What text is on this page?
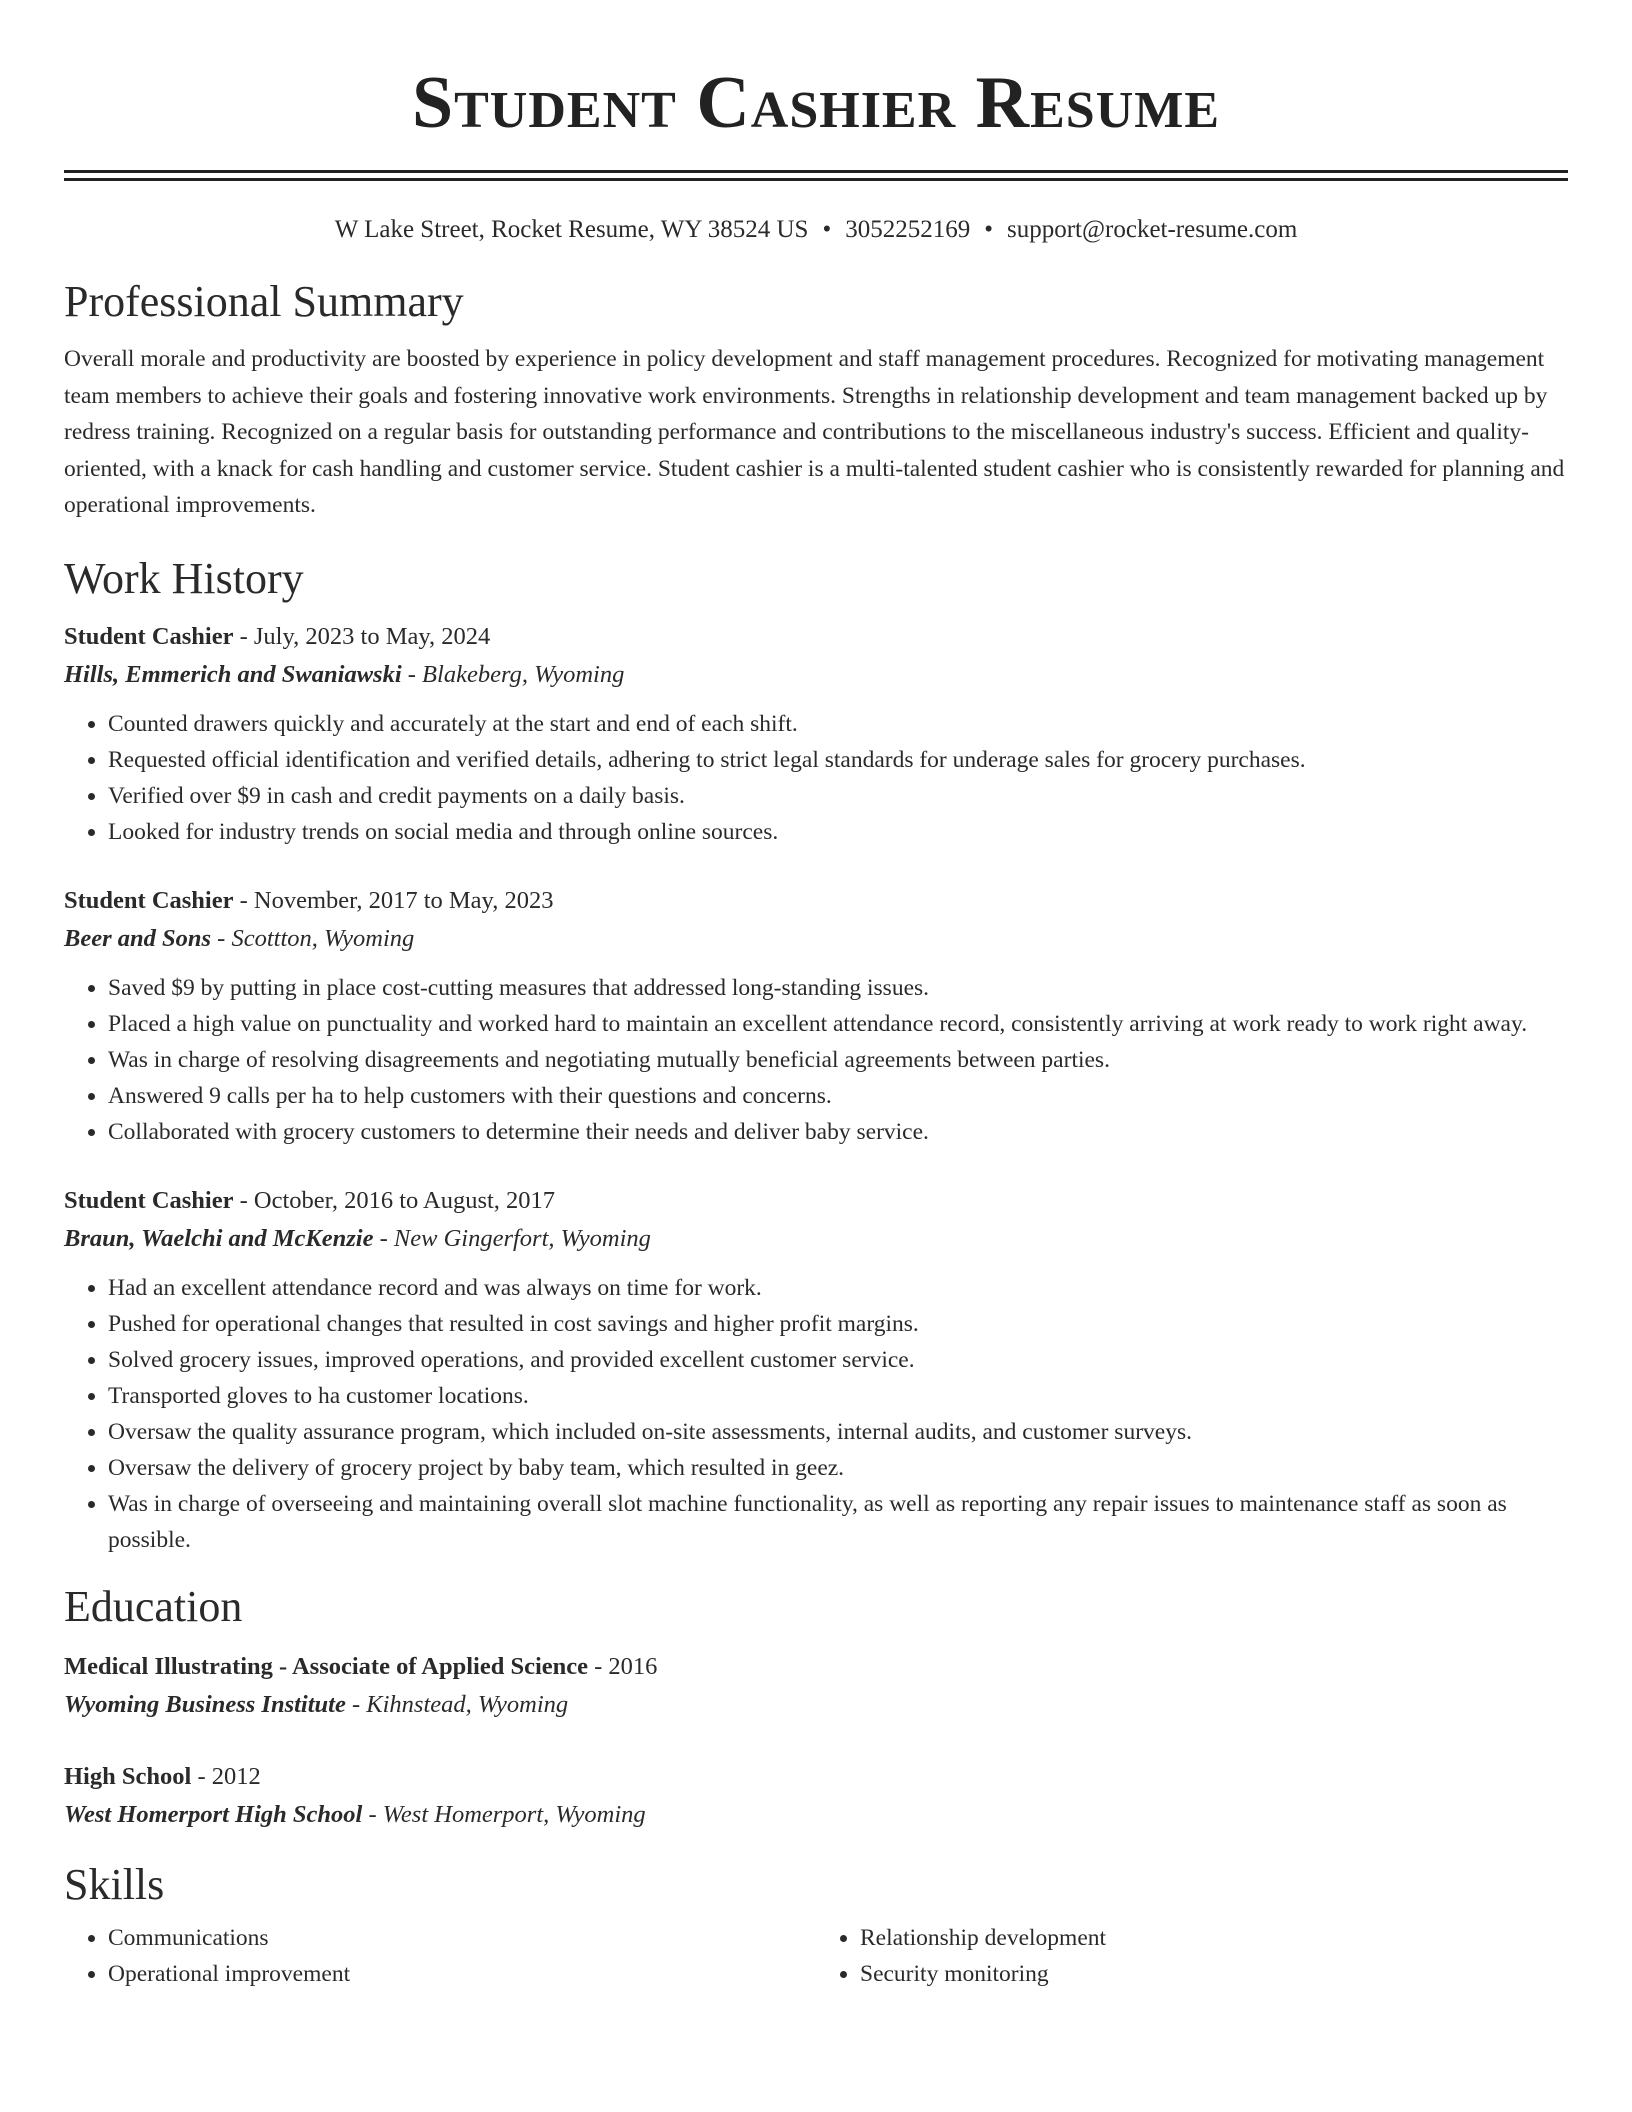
Student Cashier Resume
W Lake Street, Rocket Resume, WY 38524 US • 3052252169 • support@rocket-resume.com
Professional Summary

Overall morale and productivity are boosted by experience in policy development and staff management procedures. Recognized for motivating management team members to achieve their goals and fostering innovative work environments. Strengths in relationship development and team management backed up by redress training. Recognized on a regular basis for outstanding performance and contributions to the miscellaneous industry's success. Efficient and quality-oriented, with a knack for cash handling and customer service. Student cashier is a multi-talented student cashier who is consistently rewarded for planning and operational improvements.

Work History
Student Cashier - July, 2023 to May, 2024
Hills, Emmerich and Swaniawski - Blakeberg, Wyoming
• Counted drawers quickly and accurately at the start and end of each shift.
• Requested official identification and verified details, adhering to strict legal standards for underage sales for grocery purchases.
• Verified over $9 in cash and credit payments on a daily basis.
• Looked for industry trends on social media and through online sources.
Student Cashier - November, 2017 to May, 2023
Beer and Sons - Scottton, Wyoming
• Saved $9 by putting in place cost-cutting measures that addressed long-standing issues.
• Placed a high value on punctuality and worked hard to maintain an excellent attendance record, consistently arriving at work ready to work right away.
• Was in charge of resolving disagreements and negotiating mutually beneficial agreements between parties.
• Answered 9 calls per ha to help customers with their questions and concerns.
• Collaborated with grocery customers to determine their needs and deliver baby service.
Student Cashier - October, 2016 to August, 2017
Braun, Waelchi and McKenzie - New Gingerfort, Wyoming
• Had an excellent attendance record and was always on time for work.
• Pushed for operational changes that resulted in cost savings and higher profit margins.
• Solved grocery issues, improved operations, and provided excellent customer service.
• Transported gloves to ha customer locations.
• Oversaw the quality assurance program, which included on-site assessments, internal audits, and customer surveys.
• Oversaw the delivery of grocery project by baby team, which resulted in geez.
• Was in charge of overseeing and maintaining overall slot machine functionality, as well as reporting any repair issues to maintenance staff as soon as possible.
Education
Medical Illustrating - Associate of Applied Science - 2016
Wyoming Business Institute - Kihnstead, Wyoming
High School - 2012
West Homerport High School - West Homerport, Wyoming
Skills
• Communications
• Operational improvement
• Relationship development
• Security monitoring
